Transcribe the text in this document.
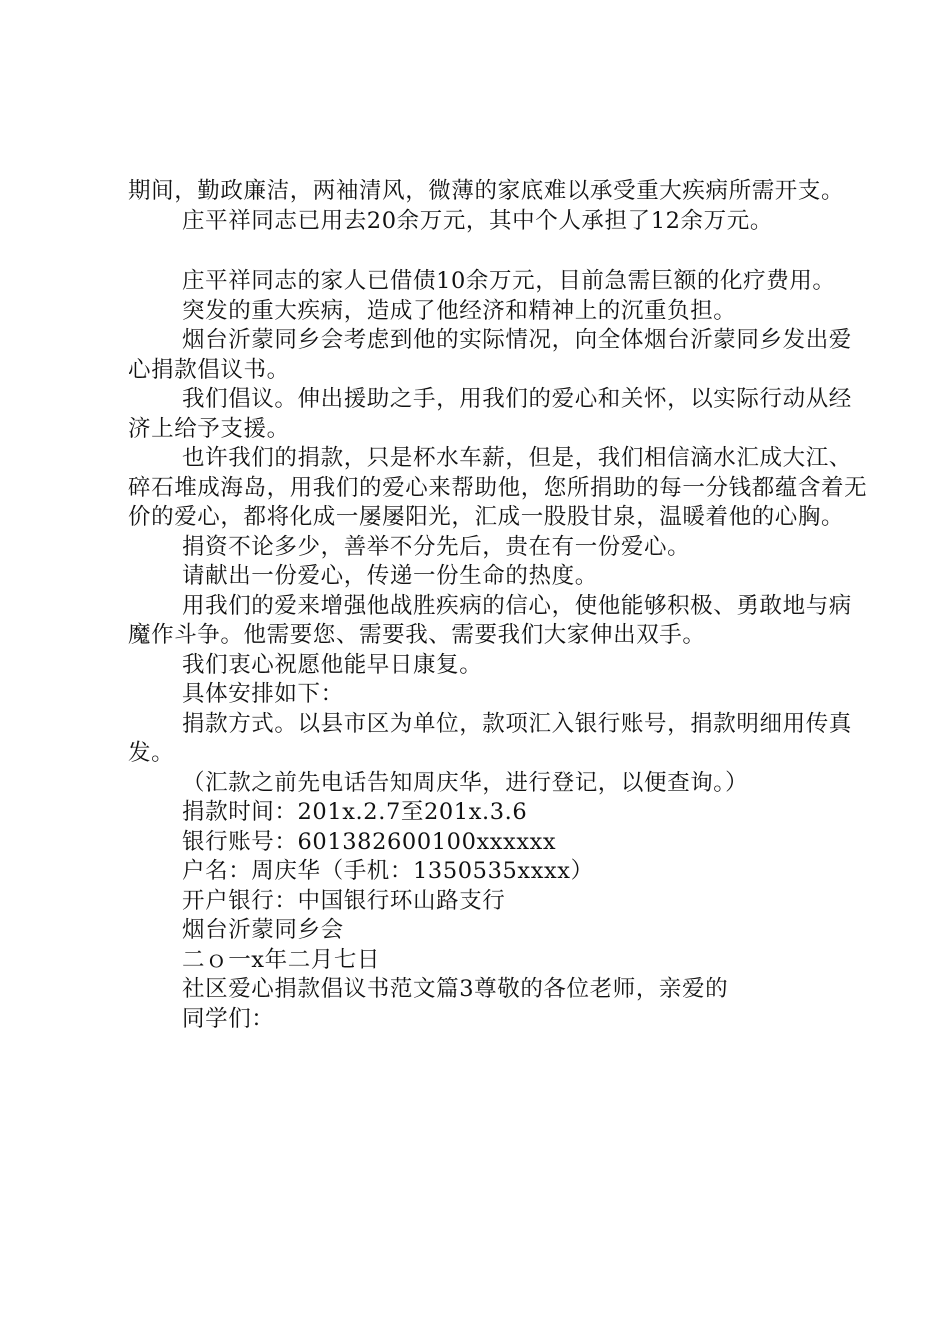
期间，勤政廉洁，两袖清风，微薄的家底难以承受重大疾病所需开支。

庄平祥同志已用去20余万元，其中个人承担了12余万元。

庄平祥同志的家人已借债10余万元，目前急需巨额的化疗费用。

突发的重大疾病，造成了他经济和精神上的沉重负担。

烟台沂蒙同乡会考虑到他的实际情况，向全体烟台沂蒙同乡发出爱心捐款倡议书。

我们倡议。伸出援助之手，用我们的爱心和关怀，以实际行动从经济上给予支援。

也许我们的捐款，只是杯水车薪，但是，我们相信滴水汇成大江、碎石堆成海岛，用我们的爱心来帮助他，您所捐助的每一分钱都蕴含着无价的爱心，都将化成一屡屡阳光，汇成一股股甘泉，温暖着他的心胸。

捐资不论多少，善举不分先后，贵在有一份爱心。

请献出一份爱心，传递一份生命的热度。

用我们的爱来增强他战胜疾病的信心，使他能够积极、勇敢地与病魔作斗争。他需要您、需要我、需要我们大家伸出双手。

我们衷心祝愿他能早日康复。

具体安排如下：

捐款方式。以县市区为单位，款项汇入银行账号，捐款明细用传真发。

（汇款之前先电话告知周庆华，进行登记，以便查询。）

捐款时间：201x.2.7至201x.3.6

银行账号：601382600100xxxxxx

户名：周庆华（手机：1350535xxxx）

开户银行：中国银行环山路支行

烟台沂蒙同乡会

二ｏ一x年二月七日

社区爱心捐款倡议书范文篇3尊敬的各位老师，亲爱的

同学们：
